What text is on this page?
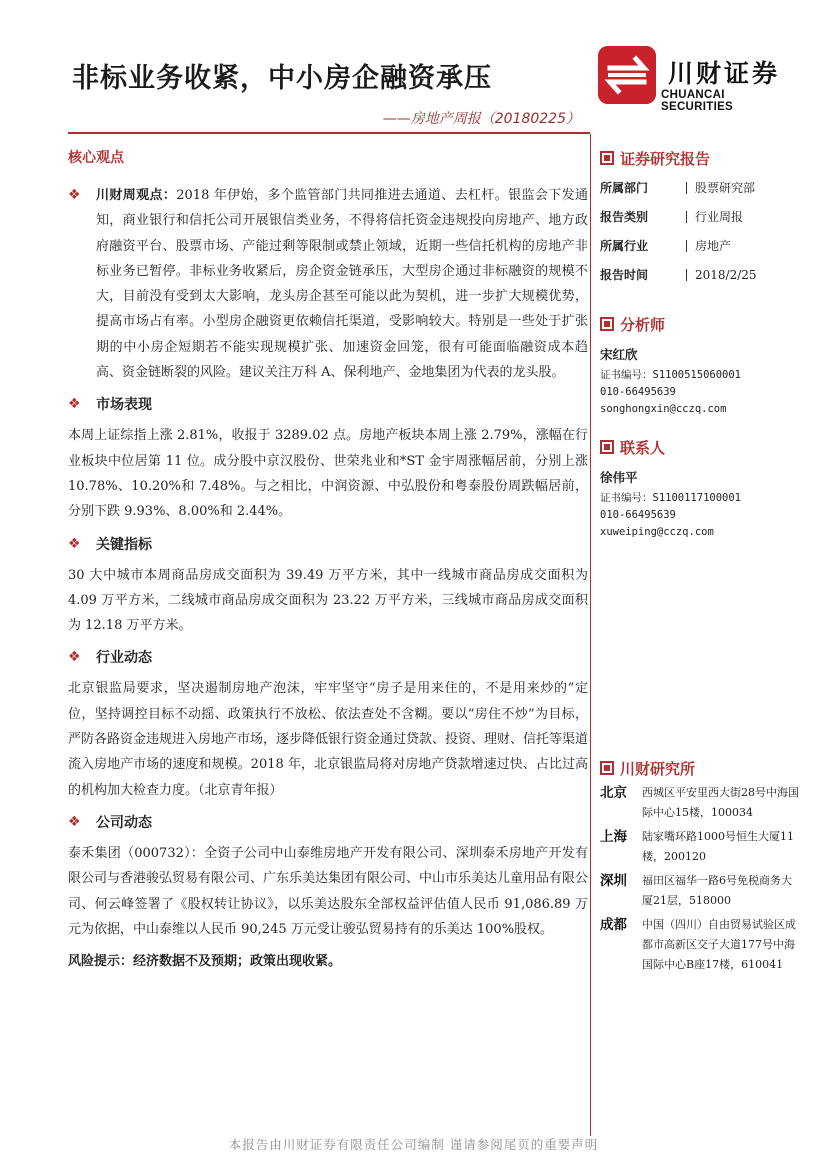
非标业务收紧，中小房企融资承压
——房地产周报（20180225）
川财证券
CHUANCAI SECURITIES
核心观点
❖	川财周观点：2018 年伊始，多个监管部门共同推进去通道、去杠杆。银监会下发通知，商业银行和信托公司开展银信类业务，不得将信托资金违规投向房地产、地方政府融资平台、股票市场、产能过剩等限制或禁止领域，近期一些信托机构的房地产非标业务已暂停。非标业务收紧后，房企资金链承压，大型房企通过非标融资的规模不大，目前没有受到太大影响，龙头房企甚至可能以此为契机，进一步扩大规模优势，提高市场占有率。小型房企融资更依赖信托渠道，受影响较大。特别是一些处于扩张期的中小房企短期若不能实现规模扩张、加速资金回笼，很有可能面临融资成本趋高、资金链断裂的风险。建议关注万科 A、保利地产、金地集团为代表的龙头股。
❖	市场表现
本周上证综指上涨 2.81%，收报于 3289.02 点。房地产板块本周上涨 2.79%，涨幅在行业板块中位居第 11 位。成分股中京汉股份、世荣兆业和*ST 金宇周涨幅居前，分别上涨 10.78%、10.20%和 7.48%。与之相比，中润资源、中弘股份和粤泰股份周跌幅居前，分别下跌 9.93%、8.00%和 2.44%。
❖	关键指标
30 大中城市本周商品房成交面积为 39.49 万平方米，其中一线城市商品房成交面积为 4.09 万平方米，二线城市商品房成交面积为 23.22 万平方米，三线城市商品房成交面积为 12.18 万平方米。
❖	行业动态
北京银监局要求，坚决遏制房地产泡沫，牢牢坚守“房子是用来住的，不是用来炒的”定位，坚持调控目标不动摇、政策执行不放松、依法查处不含糊。要以“房住不炒”为目标，严防各路资金违规进入房地产市场，逐步降低银行资金通过贷款、投资、理财、信托等渠道流入房地产市场的速度和规模。2018 年，北京银监局将对房地产贷款增速过快、占比过高的机构加大检查力度。（北京青年报）
❖	公司动态
泰禾集团（000732）：全资子公司中山泰维房地产开发有限公司、深圳泰禾房地产开发有限公司与香港骏弘贸易有限公司、广东乐美达集团有限公司、中山市乐美达儿童用品有限公司、何云峰签署了《股权转让协议》，以乐美达股东全部权益评估值人民币 91,086.89 万元为依据，中山泰维以人民币 90,245 万元受让骏弘贸易持有的乐美达 100%股权。
风险提示：经济数据不及预期；政策出现收紧。
证券研究报告
所属部门	股票研究部
报告类别	行业周报
所属行业	房地产
报告时间	2018/2/25
分析师
宋红欣
证书编号：S1100515060001
010-66495639
songhongxin@cczq.com
联系人
徐伟平
证书编号：S1100117100001
010-66495639
xuweiping@cczq.com
川财研究所
北京	西城区平安里西大街28号中海国际中心15楼，100034
上海	陆家嘴环路1000号恒生大厦11楼，200120
深圳	福田区福华一路6号免税商务大厦21层，518000
成都	中国（四川）自由贸易试验区成都市高新区交子大道177号中海国际中心B座17楼，610041
本报告由川财证券有限责任公司编制 谨请参阅尾页的重要声明
